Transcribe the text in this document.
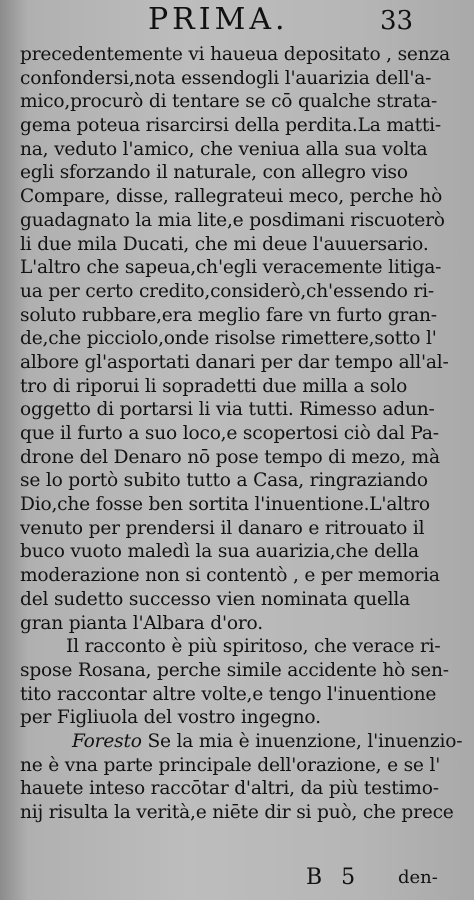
PRIMA.	33
precedentemente vi haueua depositato , senza
confondersi,nota essendogli l'auarizia dell'a-
mico,procurò di tentare se cō qualche strata-
gema poteua risarcirsi della perdita.La matti-
na, veduto l'amico, che veniua alla sua volta
egli sforzando il naturale, con allegro viso
Compare, disse, rallegrateui meco, perche hò
guadagnato la mia lite,e posdimani riscuoterò
li due mila Ducati, che mi deue l'auuersario.
L'altro che sapeua,ch'egli veracemente litiga-
ua per certo credito,considerò,ch'essendo ri-
soluto rubbare,era meglio fare vn furto gran-
de,che picciolo,onde risolse rimettere,sotto l'
albore gl'asportati danari per dar tempo all'al-
tro di riporui li sopradetti due milla a solo
oggetto di portarsi li via tutti. Rimesso adun-
que il furto a suo loco,e scopertosi ciò dal Pa-
drone del Denaro nō pose tempo di mezo, mà
se lo portò subito tutto a Casa, ringraziando
Dio,che fosse ben sortita l'inuentione.L'altro
venuto per prendersi il danaro e ritrouato il
buco vuoto maledì la sua auarizia,che della
moderazione non si contentò , e per memoria
del sudetto successo vien nominata quella
gran pianta l'Albara d'oro.
Il racconto è più spiritoso, che verace ri-
spose Rosana, perche simile accidente hò sen-
tito raccontar altre volte,e tengo l'inuentione
per Figliuola del vostro ingegno.
Foresto Se la mia è inuenzione, l'inuenzio-
ne è vna parte principale dell'orazione, e se l'
hauete inteso raccōtar d'altri, da più testimo-
nij risulta la verità,e niēte dir si può, che prece
B 5 den-
